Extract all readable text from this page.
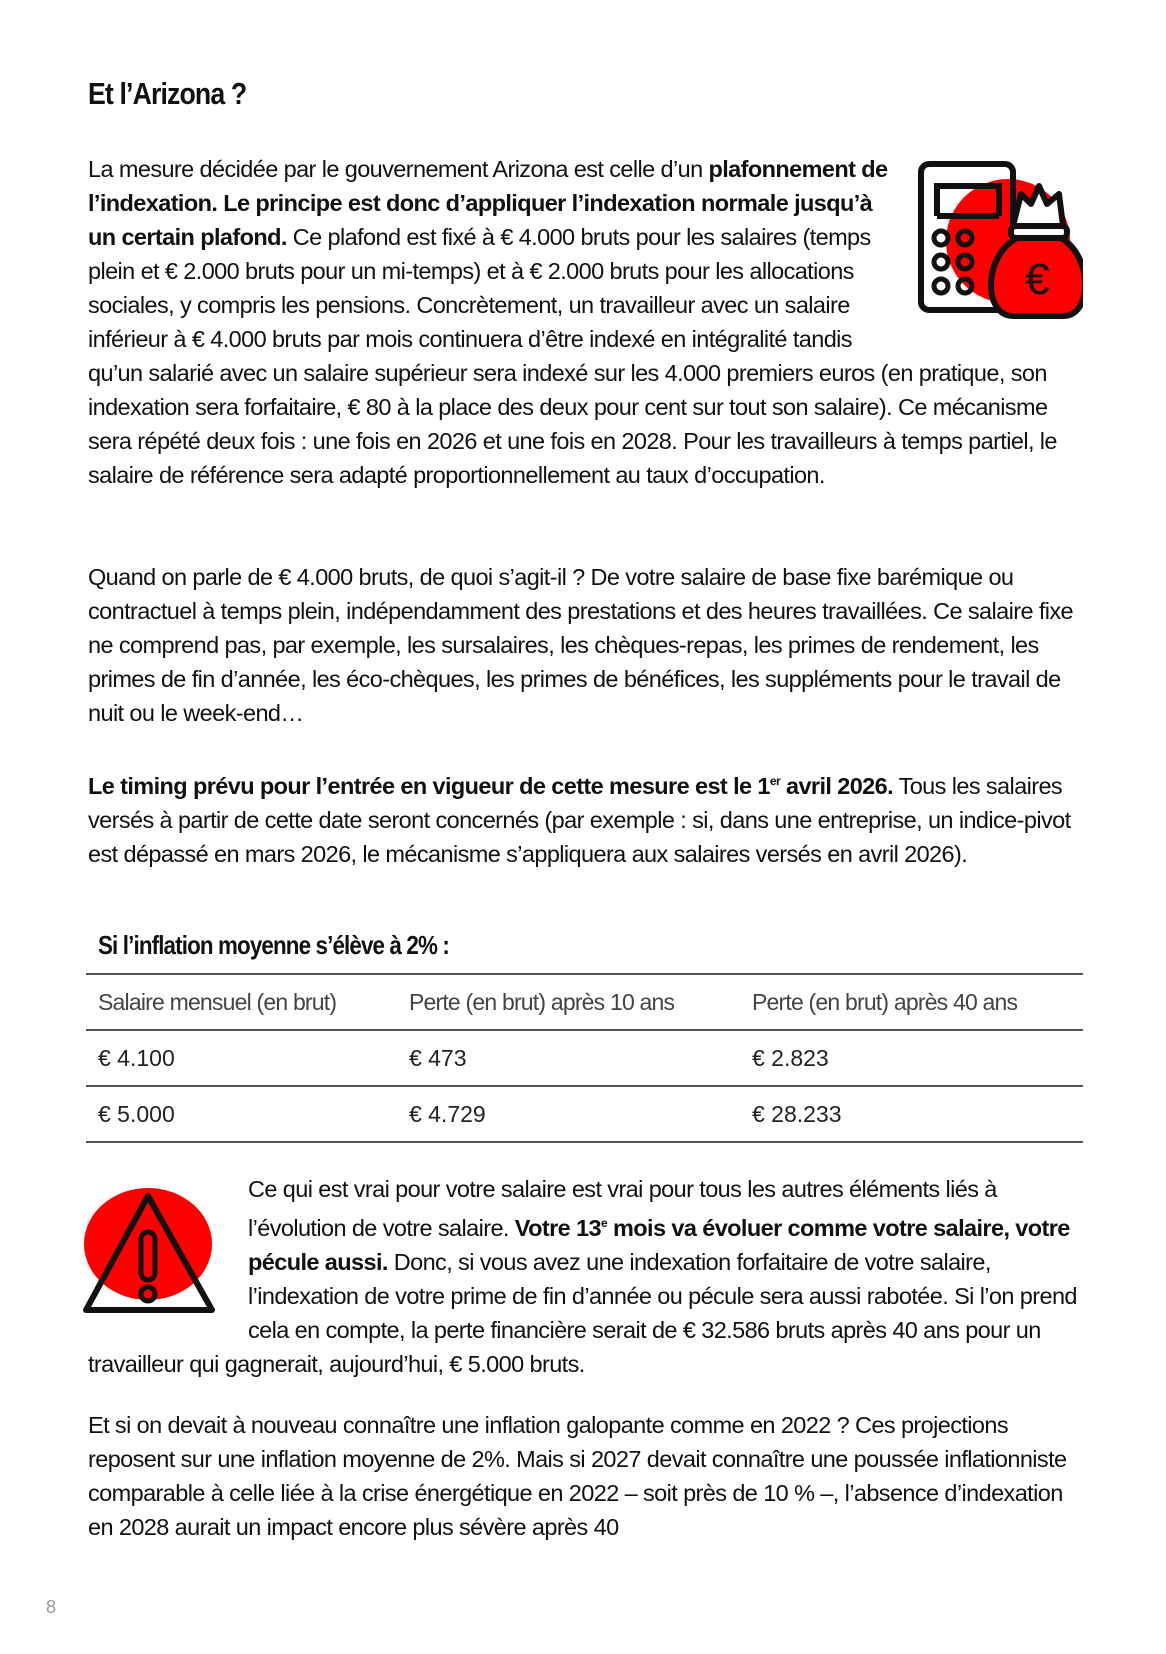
Et l’Arizona ?
€
La mesure décidée par le gouvernement Arizona est celle d’un plafonnement de l’indexation. Le principe est donc d’appliquer l’indexation normale jusqu’à un certain plafond. Ce plafond est fixé à € 4.000 bruts pour les salaires (temps plein et € 2.000 bruts pour un mi-temps) et à € 2.000 bruts pour les allocations sociales, y compris les pensions. Concrètement, un travailleur avec un salaire inférieur à € 4.000 bruts par mois continuera d’être indexé en intégralité tandis qu’un salarié avec un salaire supérieur sera indexé sur les 4.000 premiers euros (en pratique, son indexation sera forfaitaire, € 80 à la place des deux pour cent sur tout son salaire). Ce mécanisme sera répété deux fois : une fois en 2026 et une fois en 2028. Pour les travailleurs à temps partiel, le salaire de référence sera adapté proportionnellement au taux d’occupation.
Quand on parle de € 4.000 bruts, de quoi s’agit-il ? De votre salaire de base fixe barémique ou contractuel à temps plein, indépendamment des prestations et des heures travaillées. Ce salaire fixe ne comprend pas, par exemple, les sursalaires, les chèques-repas, les primes de rendement, les primes de fin d’année, les éco-chèques, les primes de bénéfices, les suppléments pour le travail de nuit ou le week-end…
Le timing prévu pour l’entrée en vigueur de cette mesure est le 1er avril 2026. Tous les salaires versés à partir de cette date seront concernés (par exemple : si, dans une entreprise, un indice-pivot est dépassé en mars 2026, le mécanisme s’appliquera aux salaires versés en avril 2026).
Si l’inflation moyenne s’élève à 2% :
Salaire mensuel (en brut)	Perte (en brut) après 10 ans	Perte (en brut) après 40 ans
€ 4.100	€ 473	€ 2.823
€ 5.000	€ 4.729	€ 28.233
Ce qui est vrai pour votre salaire est vrai pour tous les autres éléments liés à l’évolution de votre salaire. Votre 13e mois va évoluer comme votre salaire, votre pécule aussi. Donc, si vous avez une indexation forfaitaire de votre salaire, l’indexation de votre prime de fin d’année ou pécule sera aussi rabotée. Si l’on prend cela en compte, la perte financière serait de € 32.586 bruts après 40 ans pour un travailleur qui gagnerait, aujourd’hui, € 5.000 bruts.
Et si on devait à nouveau connaître une inflation galopante comme en 2022 ? Ces projections reposent sur une inflation moyenne de 2%. Mais si 2027 devait connaître une poussée inflationniste comparable à celle liée à la crise énergétique en 2022 – soit près de 10 % –, l’absence d’indexation en 2028 aurait un impact encore plus sévère après 40
8
